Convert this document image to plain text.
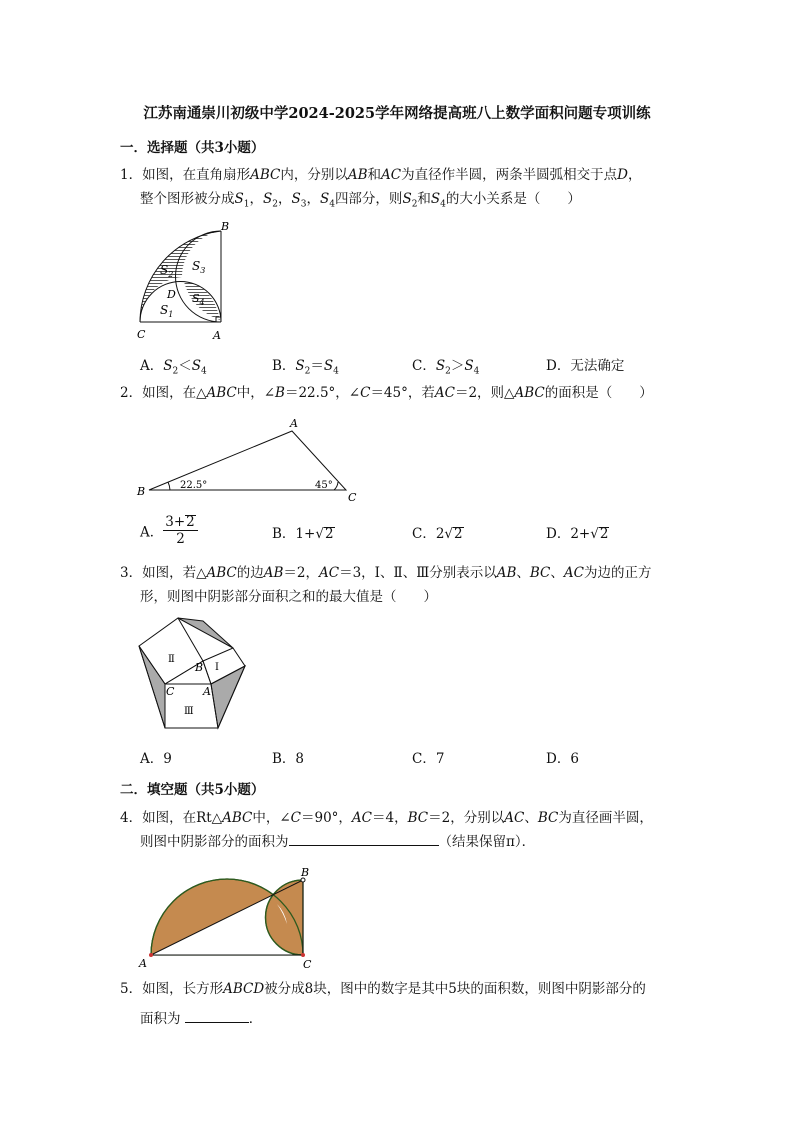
江苏南通崇川初级中学2024-2025学年网络提高班八上数学面积问题专项训练
一．选择题（共3小题）
1．如图，在直角扇形ABC内，分别以AB和AC为直径作半圆，两条半圆弧相交于点D，
整个图形被分成$S_1$，$S_2$，$S_3$，$S_4$四部分，则$S_2$和$S_4$的大小关系是（　　）
B
C	A
D
$S_2$
$S_3$
$S_4$
$S_1$
A．$S_2<S_4$	B．$S_2=S_4$	C．$S_2>S_4$	D．无法确定
2．如图，在△ABC中，∠B＝22.5°，∠C＝45°，若AC＝2，则△ABC的面积是（　　）
A
B	C
22.5°	45°
A． $\frac{3+2}{2}$	B．1+√2	C．2√2	D．2+√2
3．如图，若△ABC的边AB＝2，AC＝3，Ⅰ、Ⅱ、Ⅲ分别表示以AB、BC、AC为边的正方
形，则图中阴影部分面积之和的最大值是（　　）
Ⅱ
Ⅰ
Ⅲ
B
C	A
A．9	B．8	C．7	D．6
二．填空题（共5小题）
4．如图，在Rt△ABC中，∠C＝90°，AC＝4，BC＝2，分别以AC、BC为直径画半圆，
则图中阴影部分的面积为	（结果保留π）．
B
A	C
5．如图，长方形ABCD被分成8块，图中的数字是其中5块的面积数，则图中阴影部分的
面积为	．
